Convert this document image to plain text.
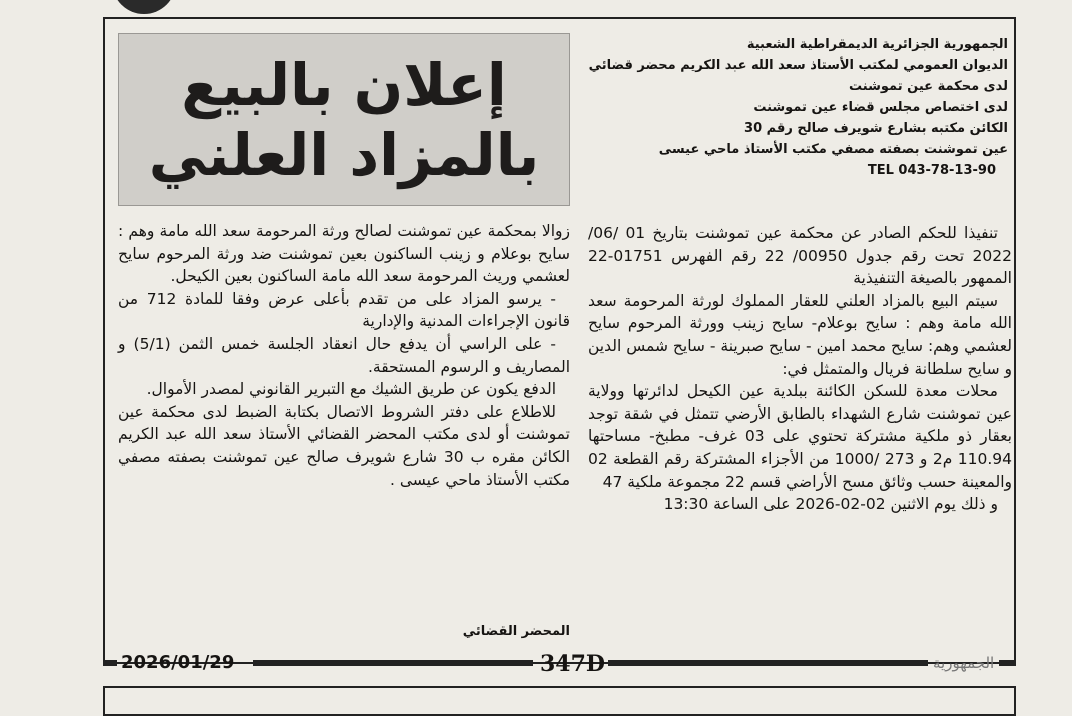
إعلان بالبيع
بالمزاد العلني
الجمهورية الجزائرية الديمقراطية الشعبية
الديوان العمومي لمكتب الأستاذ سعد الله عبد الكريم محضر قضائي
لدى محكمة عين تموشنت
لدى اختصاص مجلس قضاء عين تموشنت
الكائن مكتبه بشارع شويرف صالح رقم 30
عين تموشنت بصفته مصفي مكتب الأستاذ ماحي عيسى
TEL 043-78-13-90

تنفيذا للحكم الصادر عن محكمة عين تموشنت بتاريخ 01 /06/ 2022 تحت رقم جدول 00950/ 22 رقم الفهرس 01751-22 الممهور بالصيغة التنفيذية

سيتم البيع بالمزاد العلني للعقار المملوك لورثة المرحومة سعد الله مامة وهم : سايح بوعلام- سايح زينب وورثة المرحوم سايح لعشمي وهم: سايح محمد امين - سايح صبرينة - سايح شمس الدين و سايح سلطانة فريال والمتمثل في:

محلات معدة للسكن الكائنة ببلدية عين الكيحل لدائرتها وولاية عين تموشنت شارع الشهداء بالطابق الأرضي تتمثل في شقة توجد بعقار ذو ملكية مشتركة تحتوي على 03 غرف- مطبخ- مساحتها 110.94 م2 و 273 /1000 من الأجزاء المشتركة رقم القطعة 02 والمعينة حسب وثائق مسح الأراضي قسم 22 مجموعة ملكية 47

و ذلك يوم الاثنين 02-02-2026 على الساعة 13:30

زوالا بمحكمة عين تموشنت لصالح ورثة المرحومة سعد الله مامة وهم : سايح بوعلام و زينب الساكنون بعين تموشنت ضد ورثة المرحوم سايح لعشمي وريث المرحومة سعد الله مامة الساكنون بعين الكيحل.

- يرسو المزاد على من تقدم بأعلى عرض وفقا للمادة 712 من قانون الإجراءات المدنية والإدارية

- على الراسي أن يدفع حال انعقاد الجلسة خمس الثمن (5/1) و المصاريف و الرسوم المستحقة.

الدفع يكون عن طريق الشيك مع التبرير القانوني لمصدر الأموال.

للاطلاع على دفتر الشروط الاتصال بكتابة الضبط لدى محكمة عين تموشنت أو لدى مكتب المحضر القضائي الأستاذ سعد الله عبد الكريم الكائن مقره ب 30 شارع شويرف صالح عين تموشنت بصفته مصفي مكتب الأستاذ ماحي عيسى .

المحضر القضائي
2026/01/29	347D	الجمهورية
